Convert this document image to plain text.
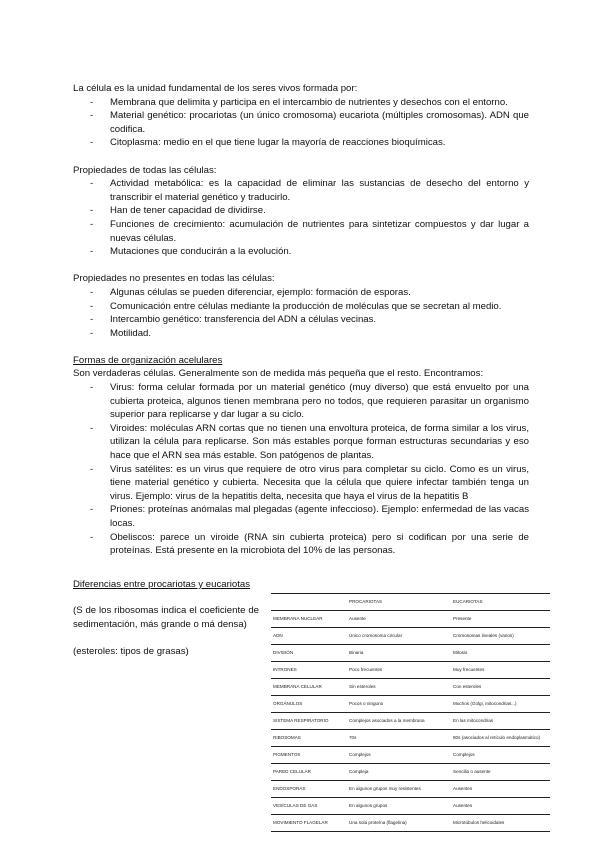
La célula es la unidad fundamental de los seres vivos formada por:

- Membrana que delimita y participa en el intercambio de nutrientes y desechos con el entorno.
- Material genético: procariotas (un único cromosoma) eucariota (múltiples cromosomas). ADN que codifica.
- Citoplasma: medio en el que tiene lugar la mayoría de reacciones bioquímicas.

Propiedades de todas las células:

- Actividad metabólica: es la capacidad de eliminar las sustancias de desecho del entorno y transcribir el material genético y traducirlo.
- Han de tener capacidad de dividirse.
- Funciones de crecimiento: acumulación de nutrientes para sintetizar compuestos y dar lugar a nuevas células.
- Mutaciones que conducirán a la evolución.

Propiedades no presentes en todas las células:

- Algunas células se pueden diferenciar, ejemplo: formación de esporas.
- Comunicación entre células mediante la producción de moléculas que se secretan al medio.
- Intercambio genético: transferencia del ADN a células vecinas.
- Motilidad.

Formas de organización acelulares

Son verdaderas células. Generalmente son de medida más pequeña que el resto. Encontramos:

- Virus: forma celular formada por un material genético (muy diverso) que está envuelto por una cubierta proteica, algunos tienen membrana pero no todos, que requieren parasitar un organismo superior para replicarse y dar lugar a su ciclo.
- Viroides: moléculas ARN cortas que no tienen una envoltura proteica, de forma similar a los virus, utilizan la célula para replicarse. Son más estables porque forman estructuras secundarias y eso hace que el ARN sea más estable. Son patógenos de plantas.
- Virus satélites: es un virus que requiere de otro virus para completar su ciclo. Como es un virus, tiene material genético y cubierta. Necesita que la célula que quiere infectar también tenga un virus. Ejemplo: virus de la hepatitis delta, necesita que haya el virus de la hepatitis B
- Priones: proteínas anómalas mal plegadas (agente infeccioso). Ejemplo: enfermedad de las vacas locas.
- Obeliscos: parece un viroide (RNA sin cubierta proteica) pero si codifican por una serie de proteínas. Está presente en la microbiota del 10% de las personas.
Diferencias entre procariotas y eucariotas
(S de los ribosomas indica el coeficiente de sedimentación, más grande o má densa)
(esteroles: tipos de grasas)
	PROCARIOTAS	EUCARIOTAS
MEMBRANA NUCLEAR	Ausente	Presente
ADN	Único cromosoma circular	Cromosomas lineales (varios)
DIVISIÓN	Binaria	Mitosis
INTRONES	Poco frecuentes	Muy frecuentes
MEMBRANA CELULAR	Sin esteroles	Con esteroles
ORGÁNULOS	Pocos o ninguno	Muchos (Golgi, mitocondrias...)
SISTEMA RESPIRATORIO	Complejos asociados a la membrana	En las mitocondrias
RIBOSOMAS	70s	80s (asociados al retículo endoplasmático)
PIGMENTOS	Complejos	Complejos
PARED CELULAR	Compleja	Sencilla o ausente
ENDOSPORAS	En algunos grupos muy resistentes	Ausentes
VESÍCULAS DE GAS	En algunos grupos	Ausentes
MOVIMIENTO FLAGELAR	Una sola proteína (flagelina)	Microtúbulos helicoidales
